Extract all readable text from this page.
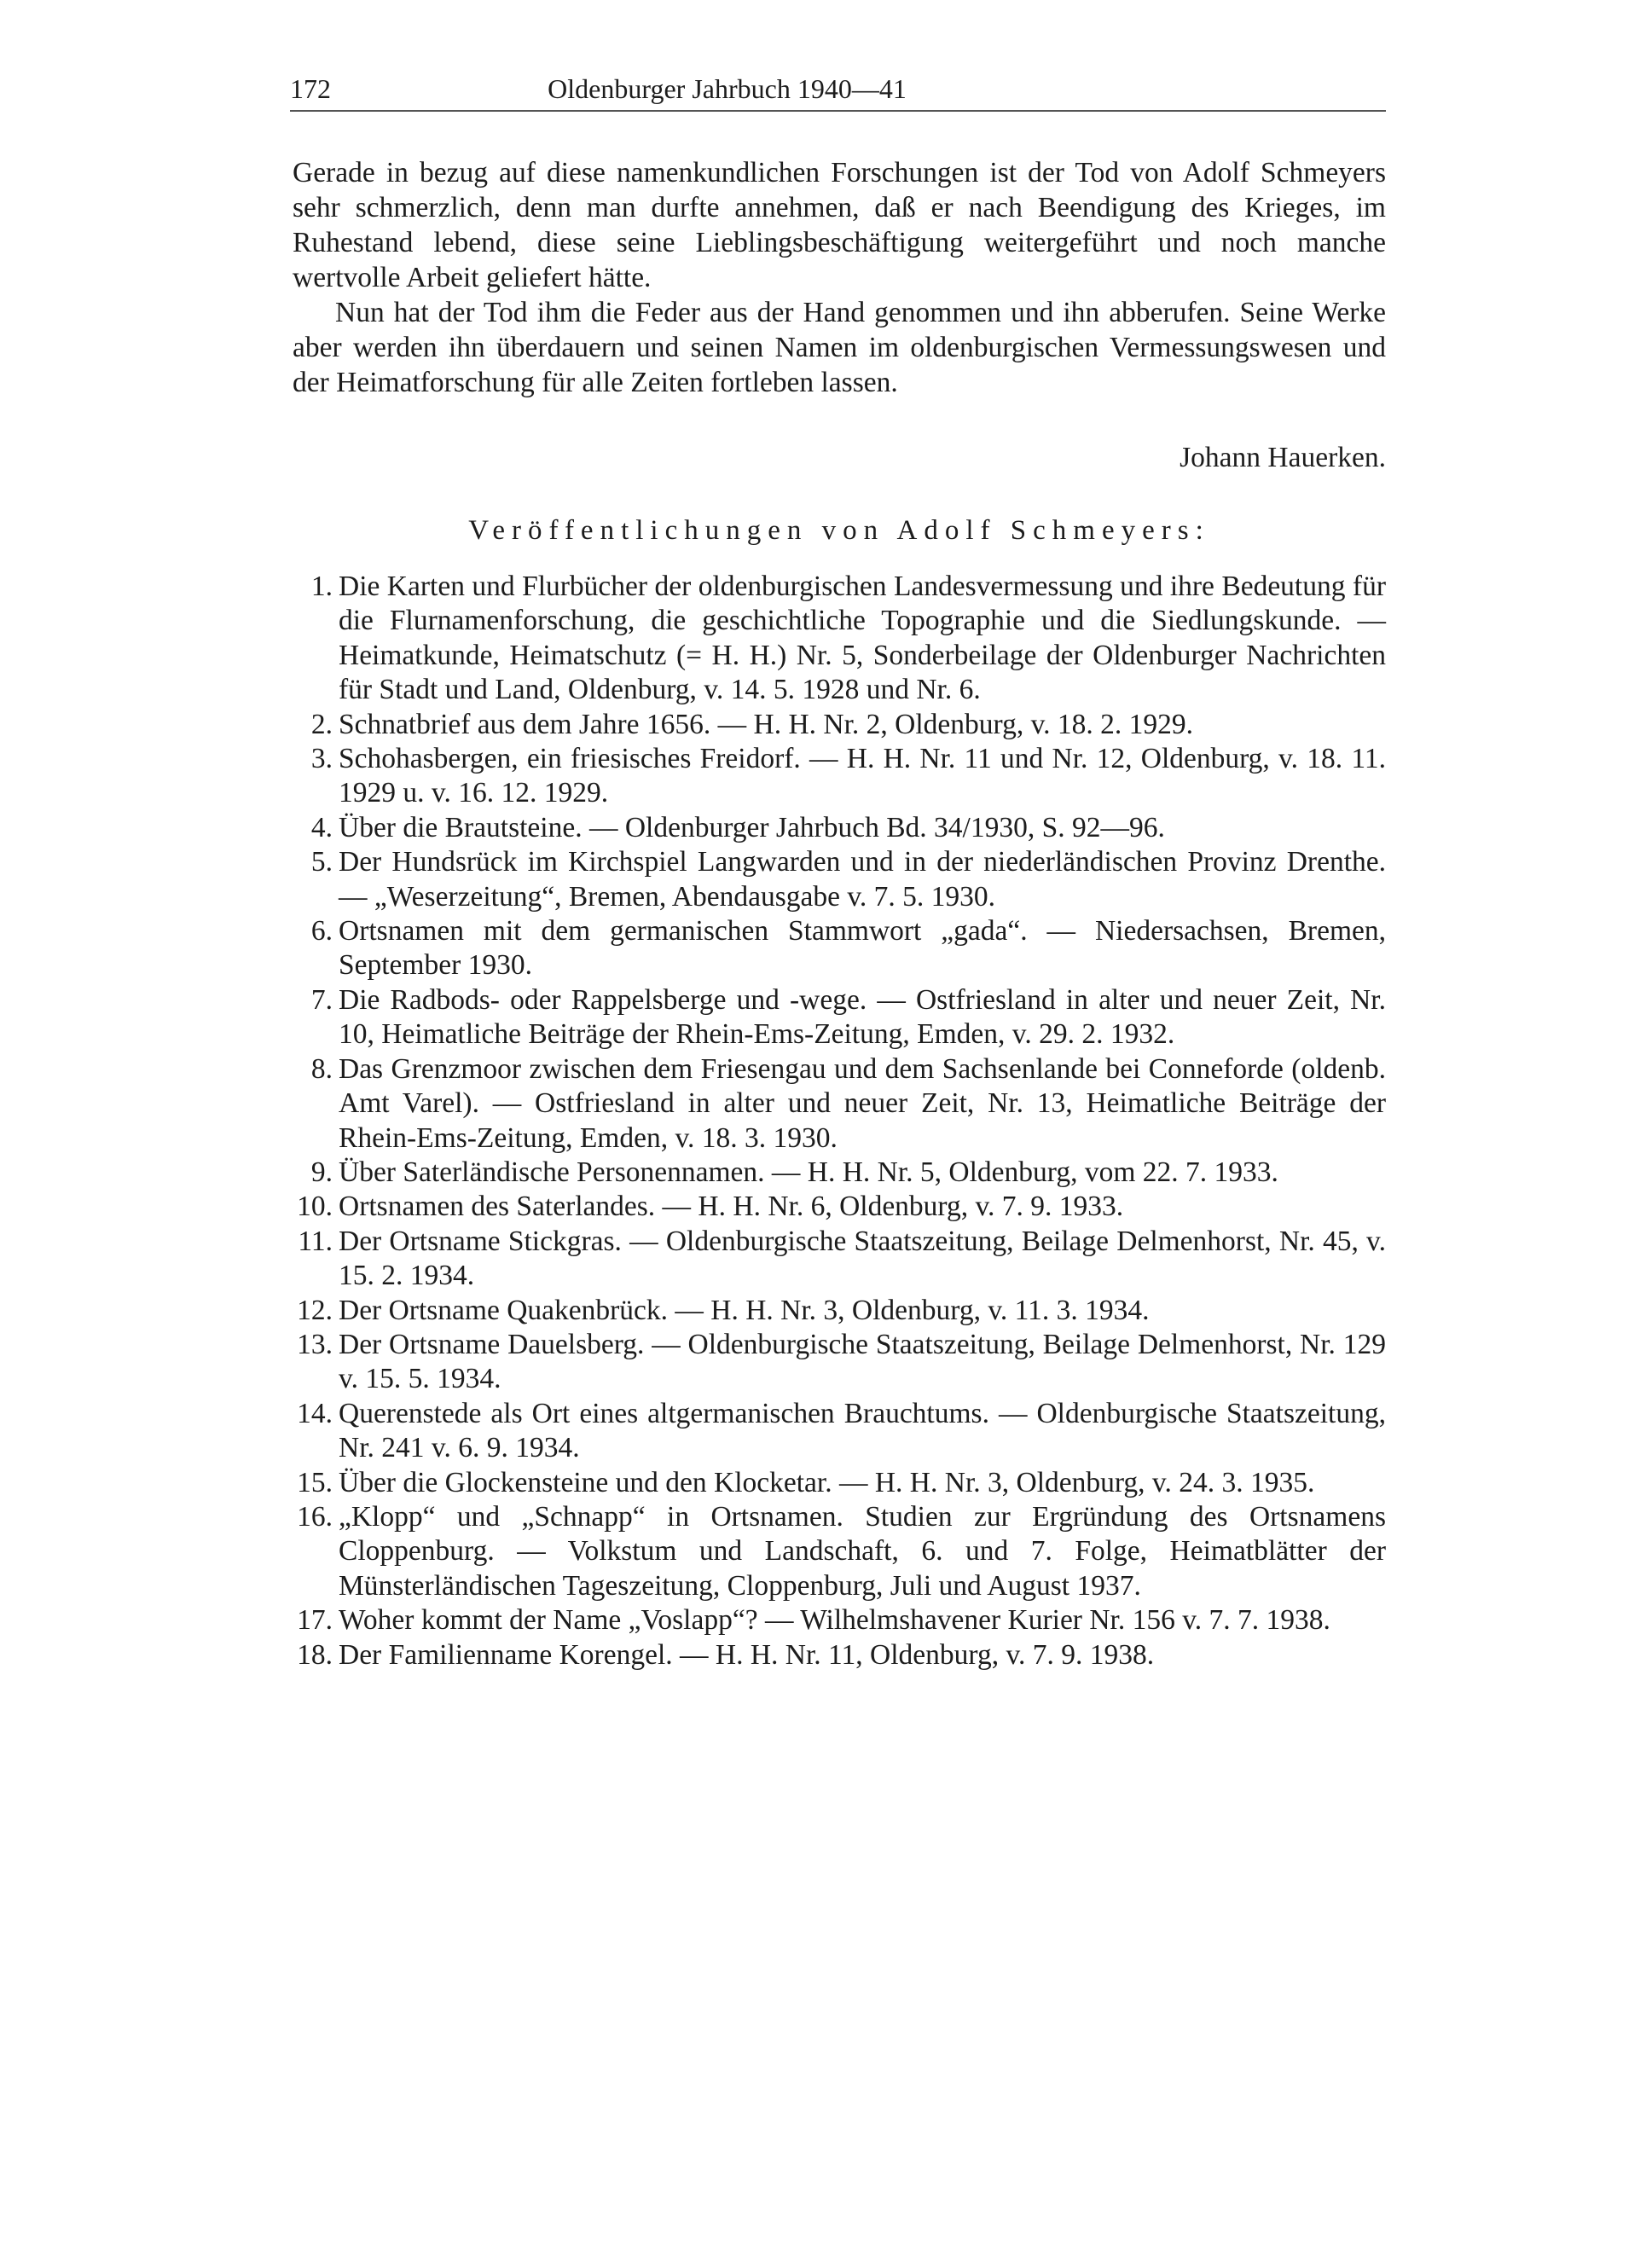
172	Oldenburger Jahrbuch 1940—41

Gerade in bezug auf diese namenkundlichen Forschungen ist der Tod von Adolf Schmeyers sehr schmerzlich, denn man durfte annehmen, daß er nach Beendigung des Krieges, im Ruhestand lebend, diese seine Lieblingsbeschäftigung weitergeführt und noch manche wertvolle Arbeit geliefert hätte.

Nun hat der Tod ihm die Feder aus der Hand genommen und ihn abberufen. Seine Werke aber werden ihn überdauern und seinen Namen im oldenburgischen Vermessungswesen und der Heimatforschung für alle Zeiten fortleben lassen.

Johann Hauerken.
Veröffentlichungen von Adolf Schmeyers:
1. Die Karten und Flurbücher der oldenburgischen Landesvermessung und ihre Bedeutung für die Flurnamenforschung, die geschichtliche Topographie und die Siedlungskunde. — Heimatkunde, Heimatschutz (= H. H.) Nr. 5, Sonderbeilage der Oldenburger Nachrichten für Stadt und Land, Oldenburg, v. 14. 5. 1928 und Nr. 6.
2. Schnatbrief aus dem Jahre 1656. — H. H. Nr. 2, Oldenburg, v. 18. 2. 1929.
3. Schohasbergen, ein friesisches Freidorf. — H. H. Nr. 11 und Nr. 12, Oldenburg, v. 18. 11. 1929 u. v. 16. 12. 1929.
4. Über die Brautsteine. — Oldenburger Jahrbuch Bd. 34/1930, S. 92—96.
5. Der Hundsrück im Kirchspiel Langwarden und in der niederländischen Provinz Drenthe. — „Weserzeitung“, Bremen, Abendausgabe v. 7. 5. 1930.
6. Ortsnamen mit dem germanischen Stammwort „gada“. — Niedersachsen, Bremen, September 1930.
7. Die Radbods- oder Rappelsberge und -wege. — Ostfriesland in alter und neuer Zeit, Nr. 10, Heimatliche Beiträge der Rhein-Ems-Zeitung, Emden, v. 29. 2. 1932.
8. Das Grenzmoor zwischen dem Friesengau und dem Sachsenlande bei Conneforde (oldenb. Amt Varel). — Ostfriesland in alter und neuer Zeit, Nr. 13, Heimatliche Beiträge der Rhein-Ems-Zeitung, Emden, v. 18. 3. 1930.
9. Über Saterländische Personennamen. — H. H. Nr. 5, Oldenburg, vom 22. 7. 1933.
10. Ortsnamen des Saterlandes. — H. H. Nr. 6, Oldenburg, v. 7. 9. 1933.
11. Der Ortsname Stickgras. — Oldenburgische Staatszeitung, Beilage Delmenhorst, Nr. 45, v. 15. 2. 1934.
12. Der Ortsname Quakenbrück. — H. H. Nr. 3, Oldenburg, v. 11. 3. 1934.
13. Der Ortsname Dauelsberg. — Oldenburgische Staatszeitung, Beilage Delmenhorst, Nr. 129 v. 15. 5. 1934.
14. Querenstede als Ort eines altgermanischen Brauchtums. — Oldenburgische Staatszeitung, Nr. 241 v. 6. 9. 1934.
15. Über die Glockensteine und den Klocketar. — H. H. Nr. 3, Oldenburg, v. 24. 3. 1935.
16. „Klopp“ und „Schnapp“ in Ortsnamen. Studien zur Ergründung des Ortsnamens Cloppenburg. — Volkstum und Landschaft, 6. und 7. Folge, Heimatblätter der Münsterländischen Tageszeitung, Cloppenburg, Juli und August 1937.
17. Woher kommt der Name „Voslapp“? — Wilhelmshavener Kurier Nr. 156 v. 7. 7. 1938.
18. Der Familienname Korengel. — H. H. Nr. 11, Oldenburg, v. 7. 9. 1938.
